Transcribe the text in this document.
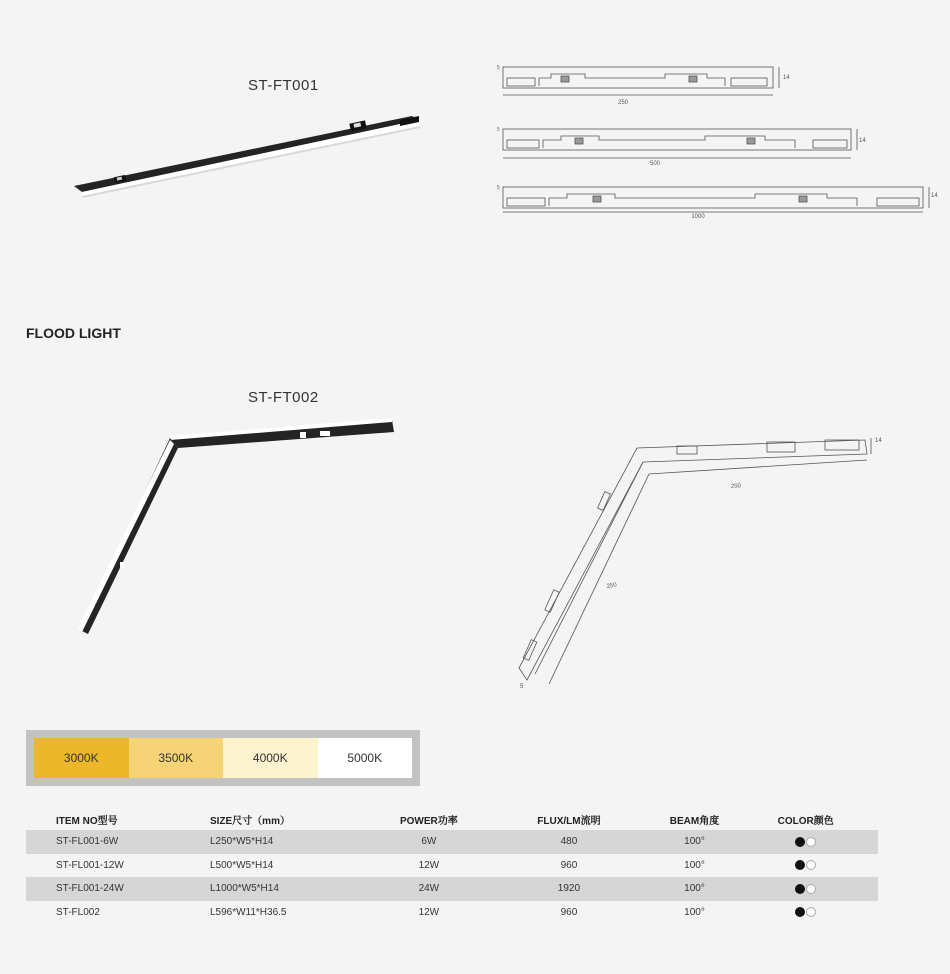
ST-FT001
250
14
5
500
14
5
1000
14
5
FLOOD LIGHT
ST-FT002
250
250
14
5
3000K	3500K	4000K	5000K
ITEM NO型号	SIZE尺寸（mm）	POWER功率	FLUX/LM流明	BEAM角度	COLOR颜色
ST-FL001-6W	L250*W5*H14	6W	480	100°	
ST-FL001-12W	L500*W5*H14	12W	960	100°	
ST-FL001-24W	L1000*W5*H14	24W	1920	100°	
ST-FL002	L596*W11*H36.5	12W	960	100°	
